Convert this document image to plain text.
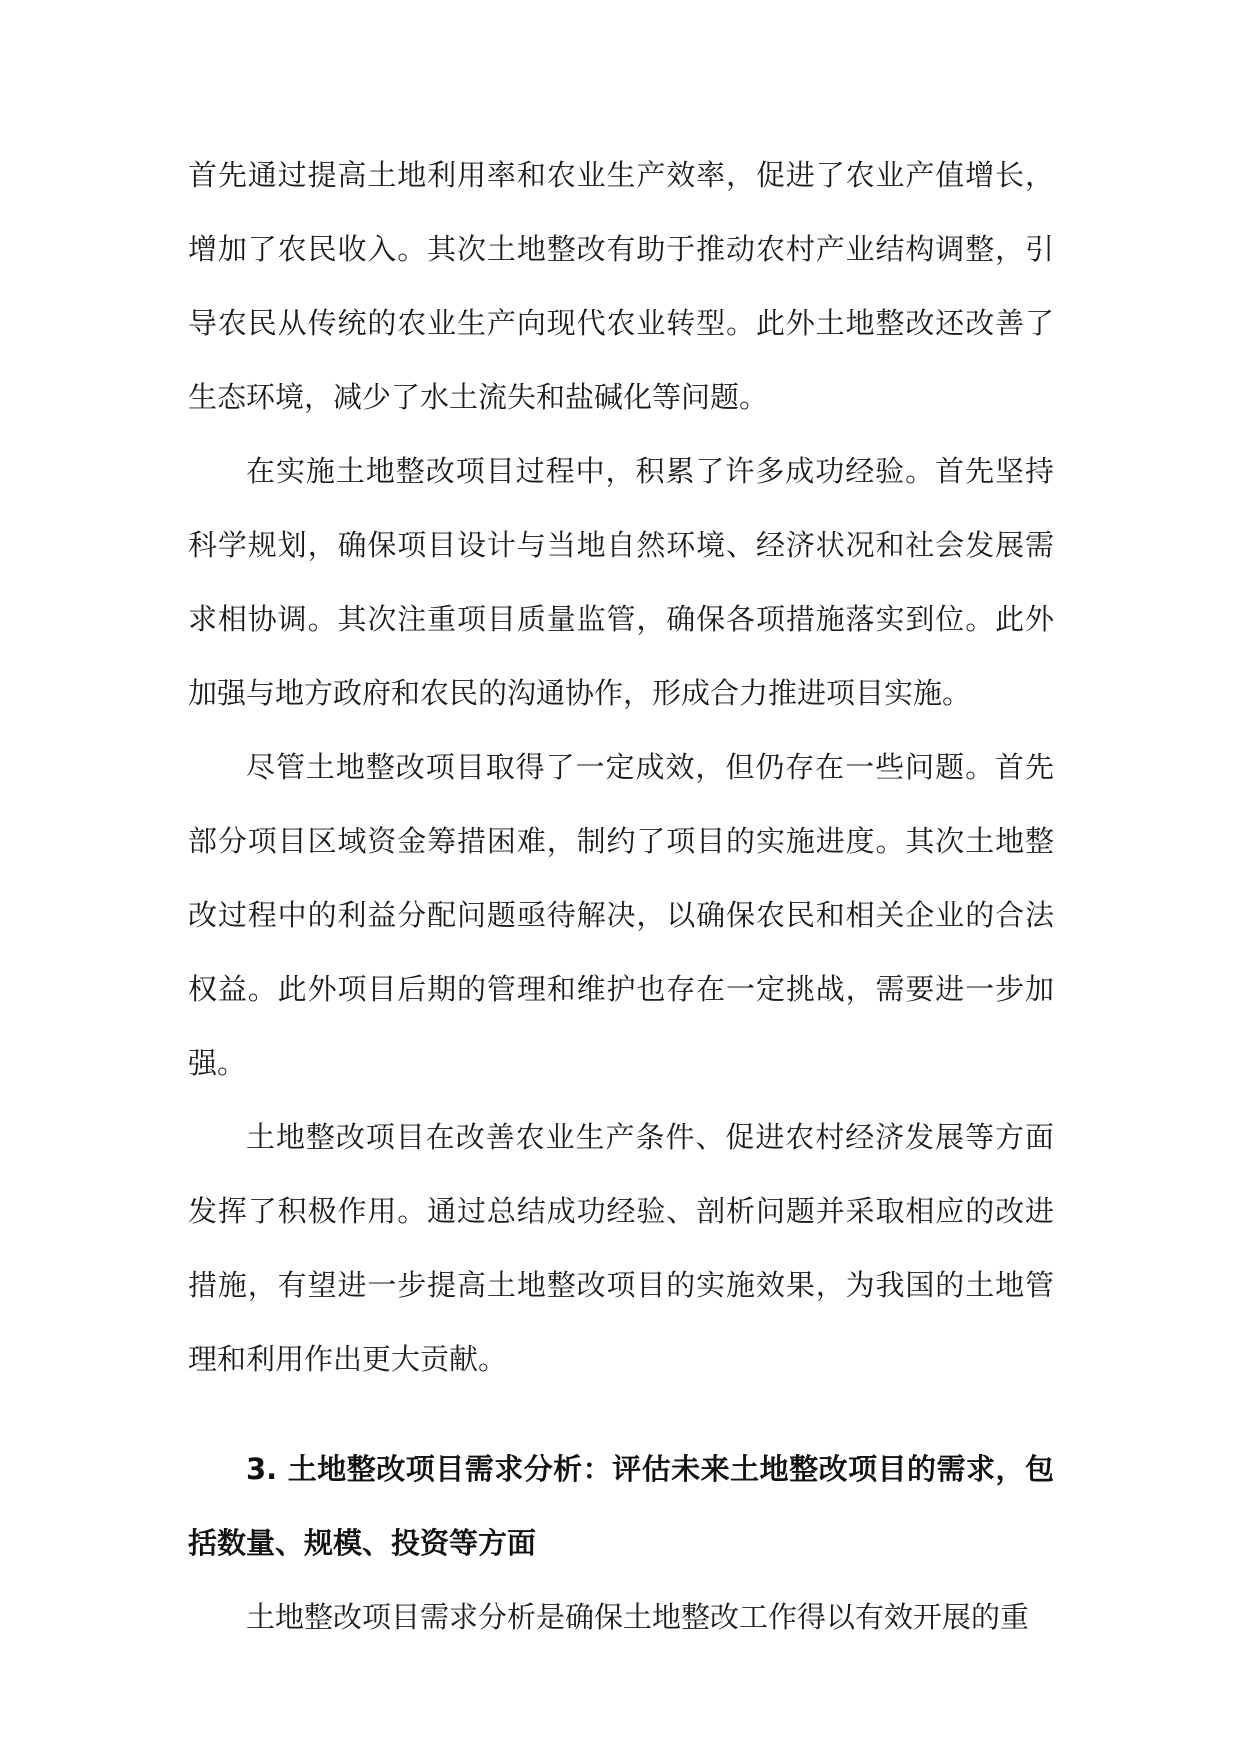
首先通过提高土地利用率和农业生产效率，促进了农业产值增长，增加了农民收入。其次土地整改有助于推动农村产业结构调整，引导农民从传统的农业生产向现代农业转型。此外土地整改还改善了生态环境，减少了水土流失和盐碱化等问题。

在实施土地整改项目过程中，积累了许多成功经验。首先坚持科学规划，确保项目设计与当地自然环境、经济状况和社会发展需求相协调。其次注重项目质量监管，确保各项措施落实到位。此外加强与地方政府和农民的沟通协作，形成合力推进项目实施。

尽管土地整改项目取得了一定成效，但仍存在一些问题。首先部分项目区域资金筹措困难，制约了项目的实施进度。其次土地整改过程中的利益分配问题亟待解决，以确保农民和相关企业的合法权益。此外项目后期的管理和维护也存在一定挑战，需要进一步加强。

土地整改项目在改善农业生产条件、促进农村经济发展等方面发挥了积极作用。通过总结成功经验、剖析问题并采取相应的改进措施，有望进一步提高土地整改项目的实施效果，为我国的土地管理和利用作出更大贡献。

3. 土地整改项目需求分析：评估未来土地整改项目的需求，包括数量、规模、投资等方面

土地整改项目需求分析是确保土地整改工作得以有效开展的重
